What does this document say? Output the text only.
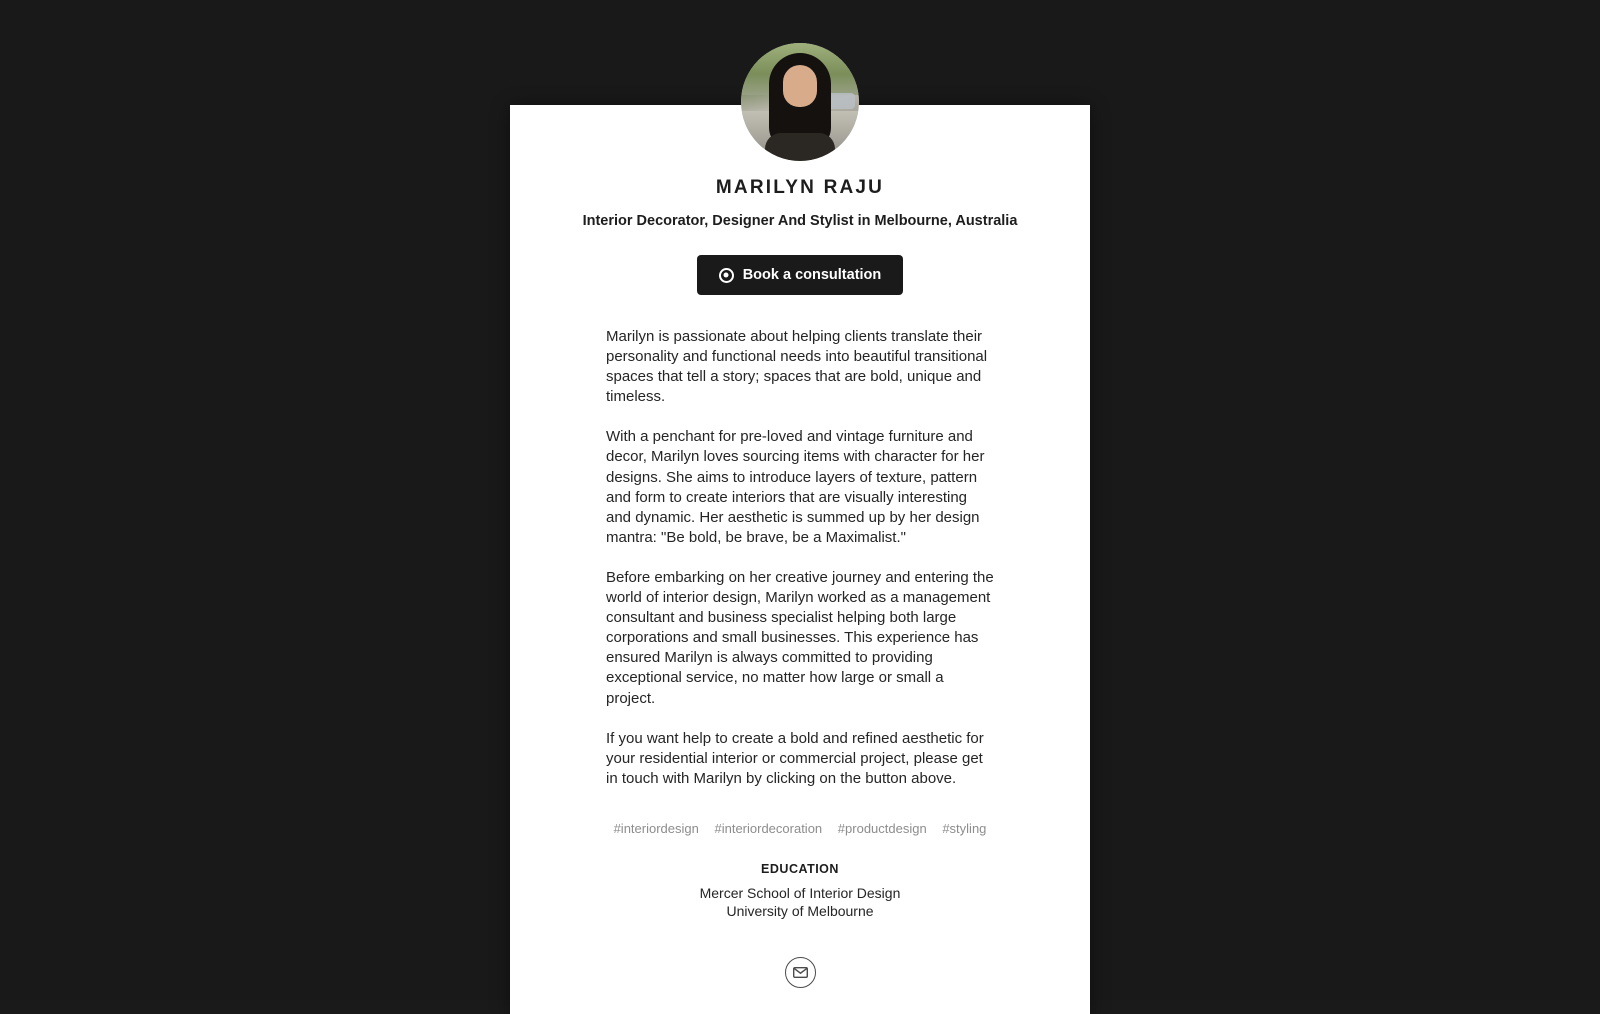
MARILYN RAJU
Interior Decorator, Designer And Stylist in Melbourne, Australia
Book a consultation

Marilyn is passionate about helping clients translate their personality and functional needs into beautiful transitional spaces that tell a story; spaces that are bold, unique and timeless.

With a penchant for pre-loved and vintage furniture and decor, Marilyn loves sourcing items with character for her designs. She aims to introduce layers of texture, pattern and form to create interiors that are visually interesting and dynamic. Her aesthetic is summed up by her design mantra: "Be bold, be brave, be a Maximalist."

Before embarking on her creative journey and entering the world of interior design, Marilyn worked as a management consultant and business specialist helping both large corporations and small businesses. This experience has ensured Marilyn is always committed to providing exceptional service, no matter how large or small a project.

If you want help to create a bold and refined aesthetic for your residential interior or commercial project, please get in touch with Marilyn by clicking on the button above.

#interiordesign #interiordecoration #productdesign #styling
EDUCATION
Mercer School of Interior Design
University of Melbourne
